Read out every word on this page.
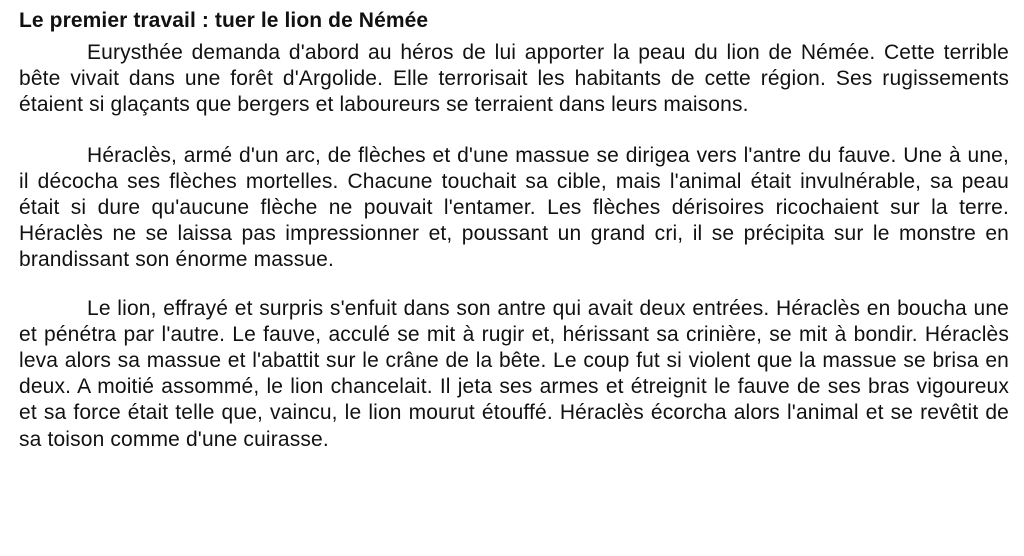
Le premier travail : tuer le lion de Némée

Eurysthée demanda d'abord au héros de lui apporter la peau du lion de Némée. Cette terrible bête vivait dans une forêt d'Argolide. Elle terrorisait les habitants de cette région. Ses rugissements étaient si glaçants que bergers et laboureurs se terraient dans leurs maisons.

Héraclès, armé d'un arc, de flèches et d'une massue se dirigea vers l'antre du fauve. Une à une, il décocha ses flèches mortelles. Chacune touchait sa cible, mais l'animal était invulnérable, sa peau était si dure qu'aucune flèche ne pouvait l'entamer. Les flèches dérisoires ricochaient sur la terre. Héraclès ne se laissa pas impressionner et, poussant un grand cri, il se précipita sur le monstre en brandissant son énorme massue.

Le lion, effrayé et surpris s'enfuit dans son antre qui avait deux entrées. Héraclès en boucha une et pénétra par l'autre. Le fauve, acculé se mit à rugir et, hérissant sa crinière, se mit à bondir. Héraclès leva alors sa massue et l'abattit sur le crâne de la bête. Le coup fut si violent que la massue se brisa en deux. A moitié assommé, le lion chancelait. Il jeta ses armes et étreignit le fauve de ses bras vigoureux et sa force était telle que, vaincu, le lion mourut étouffé. Héraclès écorcha alors l'animal et se revêtit de sa toison comme d'une cuirasse.
